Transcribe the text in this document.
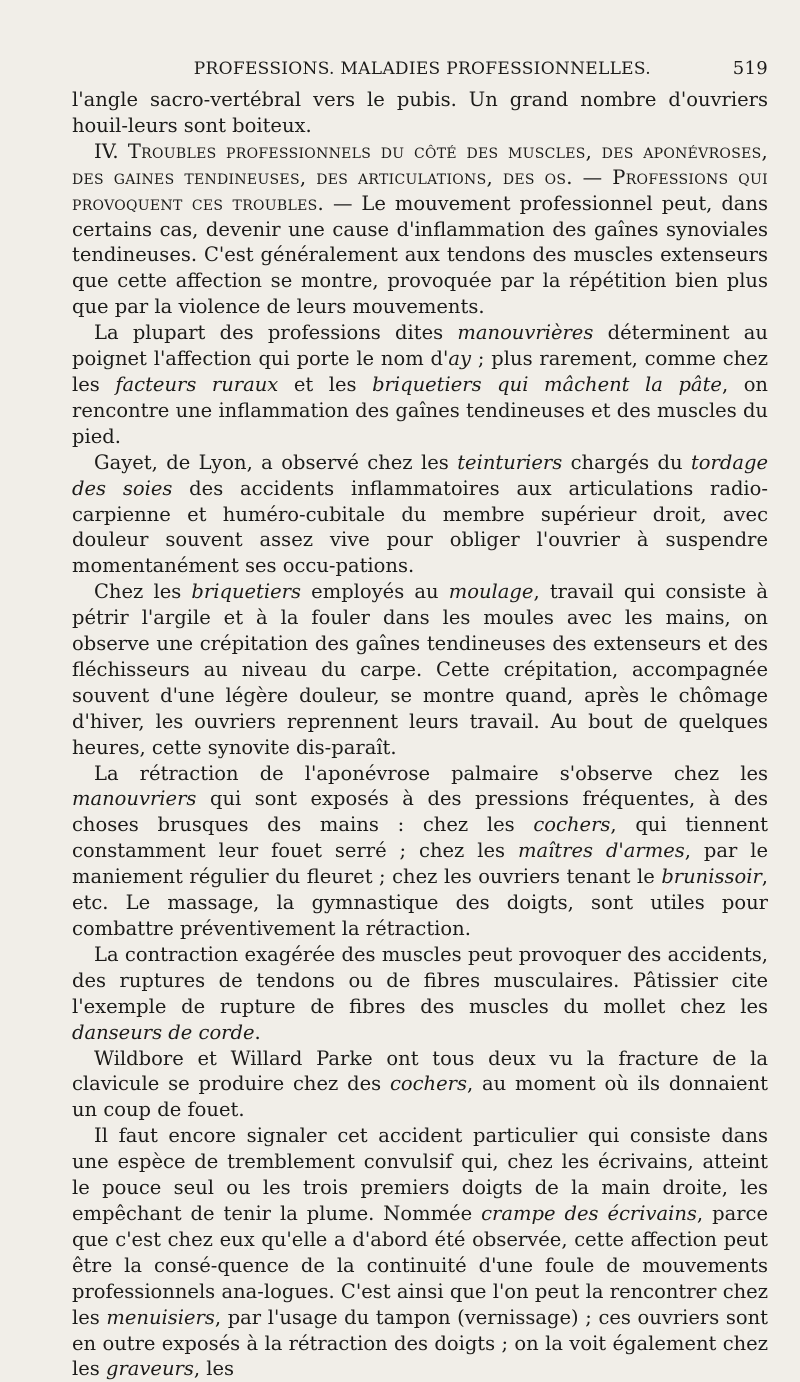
PROFESSIONS. MALADIES PROFESSIONNELLES.	519

l'angle sacro-vertébral vers le pubis. Un grand nombre d'ouvriers houil-leurs sont boiteux.

IV. Troubles professionnels du côté des muscles, des aponévroses, des gaines tendineuses, des articulations, des os. — Professions qui provoquent ces troubles. — Le mouvement professionnel peut, dans certains cas, devenir une cause d'inflammation des gaînes synoviales tendineuses. C'est généralement aux tendons des muscles extenseurs que cette affection se montre, provoquée par la répétition bien plus que par la violence de leurs mouvements.

La plupart des professions dites manouvrières déterminent au poignet l'affection qui porte le nom d'ay ; plus rarement, comme chez les facteurs ruraux et les briquetiers qui mâchent la pâte, on rencontre une inflammation des gaînes tendineuses et des muscles du pied.

Gayet, de Lyon, a observé chez les teinturiers chargés du tordage des soies des accidents inflammatoires aux articulations radio-carpienne et huméro-cubitale du membre supérieur droit, avec douleur souvent assez vive pour obliger l'ouvrier à suspendre momentanément ses occu-pations.

Chez les briquetiers employés au moulage, travail qui consiste à pétrir l'argile et à la fouler dans les moules avec les mains, on observe une crépitation des gaînes tendineuses des extenseurs et des fléchisseurs au niveau du carpe. Cette crépitation, accompagnée souvent d'une légère douleur, se montre quand, après le chômage d'hiver, les ouvriers reprennent leurs travail. Au bout de quelques heures, cette synovite dis-paraît.

La rétraction de l'aponévrose palmaire s'observe chez les manouvriers qui sont exposés à des pressions fréquentes, à des choses brusques des mains : chez les cochers, qui tiennent constamment leur fouet serré ; chez les maîtres d'armes, par le maniement régulier du fleuret ; chez les ouvriers tenant le brunissoir, etc. Le massage, la gymnastique des doigts, sont utiles pour combattre préventivement la rétraction.

La contraction exagérée des muscles peut provoquer des accidents, des ruptures de tendons ou de fibres musculaires. Pâtissier cite l'exemple de rupture de fibres des muscles du mollet chez les danseurs de corde.

Wildbore et Willard Parke ont tous deux vu la fracture de la clavicule se produire chez des cochers, au moment où ils donnaient un coup de fouet.

Il faut encore signaler cet accident particulier qui consiste dans une espèce de tremblement convulsif qui, chez les écrivains, atteint le pouce seul ou les trois premiers doigts de la main droite, les empêchant de tenir la plume. Nommée crampe des écrivains, parce que c'est chez eux qu'elle a d'abord été observée, cette affection peut être la consé-quence de la continuité d'une foule de mouvements professionnels ana-logues. C'est ainsi que l'on peut la rencontrer chez les menuisiers, par l'usage du tampon (vernissage) ; ces ouvriers sont en outre exposés à la rétraction des doigts ; on la voit également chez les graveurs, les
